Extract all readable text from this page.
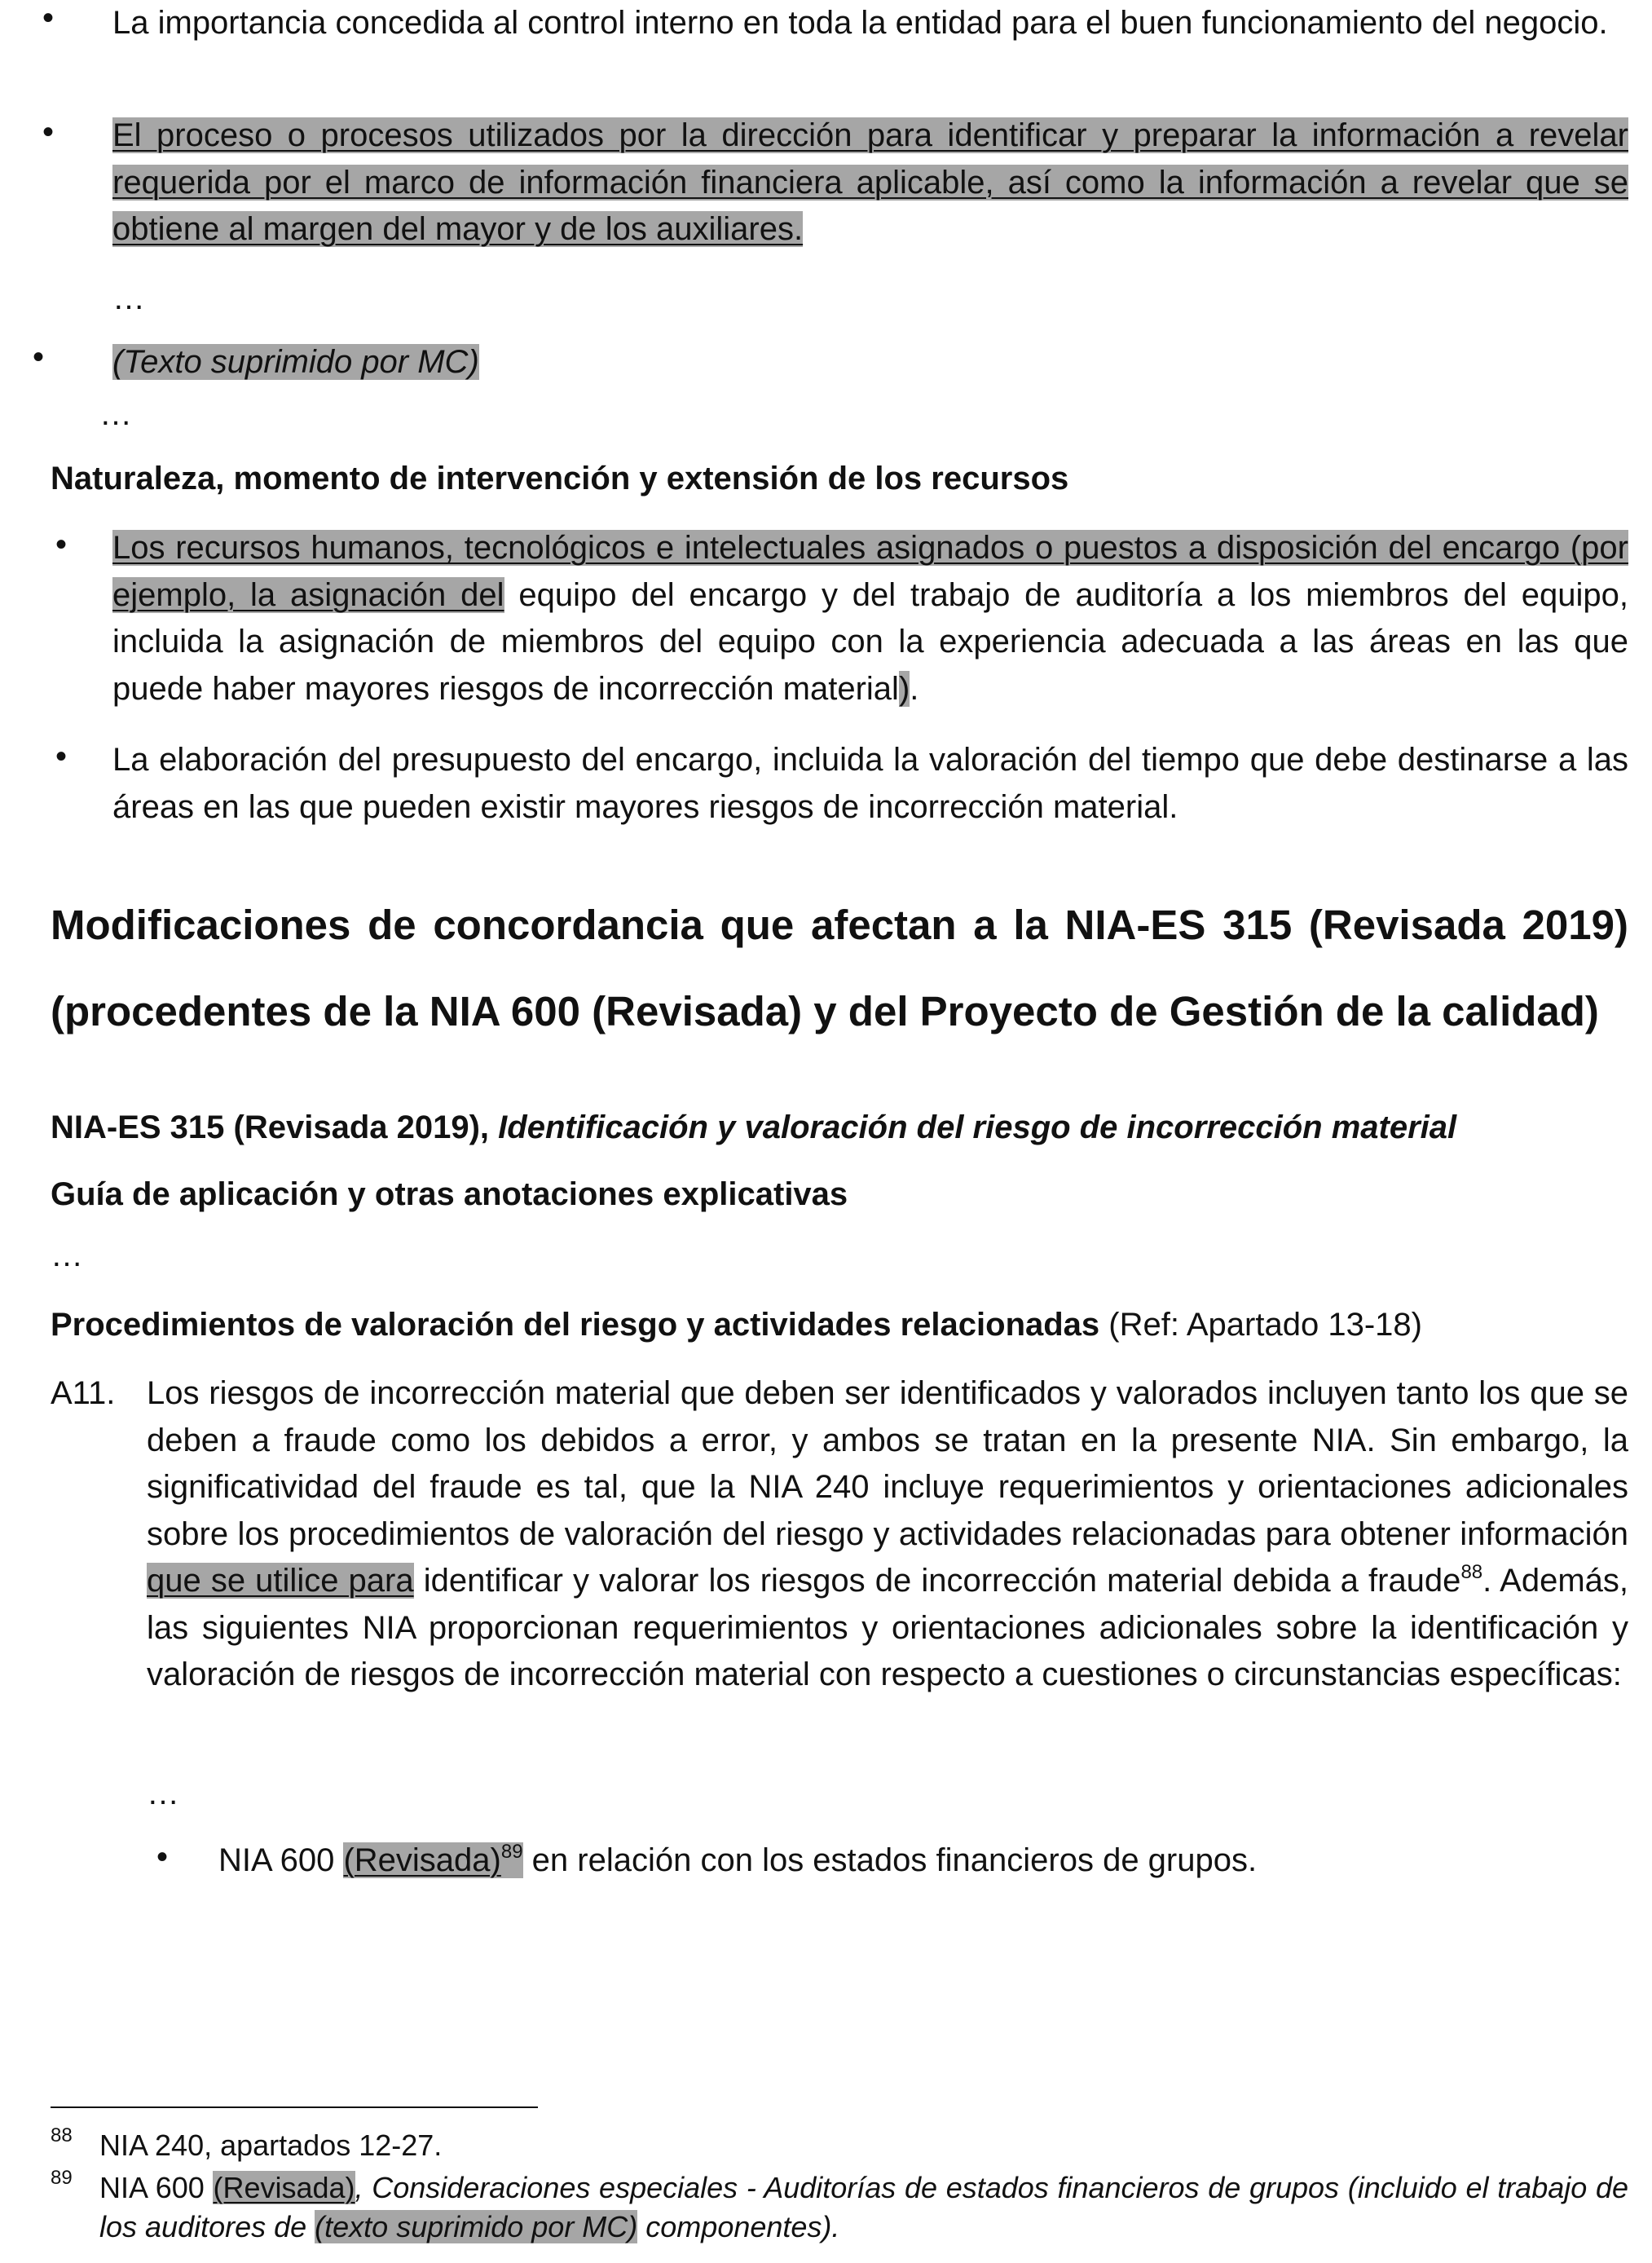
• La importancia concedida al control interno en toda la entidad para el buen funcionamiento del negocio.
• El proceso o procesos utilizados por la dirección para identificar y preparar la información a revelar requerida por el marco de información financiera aplicable, así como la información a revelar que se obtiene al margen del mayor y de los auxiliares.
…
• (Texto suprimido por MC)
…
Naturaleza, momento de intervención y extensión de los recursos
• Los recursos humanos, tecnológicos e intelectuales asignados o puestos a disposición del encargo (por ejemplo, la asignación del equipo del encargo y del trabajo de auditoría a los miembros del equipo, incluida la asignación de miembros del equipo con la experiencia adecuada a las áreas en las que puede haber mayores riesgos de incorrección material).
• La elaboración del presupuesto del encargo, incluida la valoración del tiempo que debe destinarse a las áreas en las que pueden existir mayores riesgos de incorrección material.
Modificaciones de concordancia que afectan a la NIA-ES 315 (Revisada 2019)
(procedentes de la NIA 600 (Revisada) y del Proyecto de Gestión de la calidad)
NIA-ES 315 (Revisada 2019), Identificación y valoración del riesgo de incorrección material
Guía de aplicación y otras anotaciones explicativas
…
Procedimientos de valoración del riesgo y actividades relacionadas (Ref: Apartado 13-18)
A11. Los riesgos de incorrección material que deben ser identificados y valorados incluyen tanto los que se deben a fraude como los debidos a error, y ambos se tratan en la presente NIA. Sin embargo, la significatividad del fraude es tal, que la NIA 240 incluye requerimientos y orientaciones adicionales sobre los procedimientos de valoración del riesgo y actividades relacionadas para obtener información que se utilice para identificar y valorar los riesgos de incorrección material debida a fraude$^{88}$. Además, las siguientes NIA proporcionan requerimientos y orientaciones adicionales sobre la identificación y valoración de riesgos de incorrección material con respecto a cuestiones o circunstancias específicas:
…
• NIA 600 (Revisada)$^{89}$ en relación con los estados financieros de grupos.
88 NIA 240, apartados 12-27.
89 NIA 600 (Revisada), Consideraciones especiales - Auditorías de estados financieros de grupos (incluido el trabajo de los auditores de (texto suprimido por MC) componentes).
